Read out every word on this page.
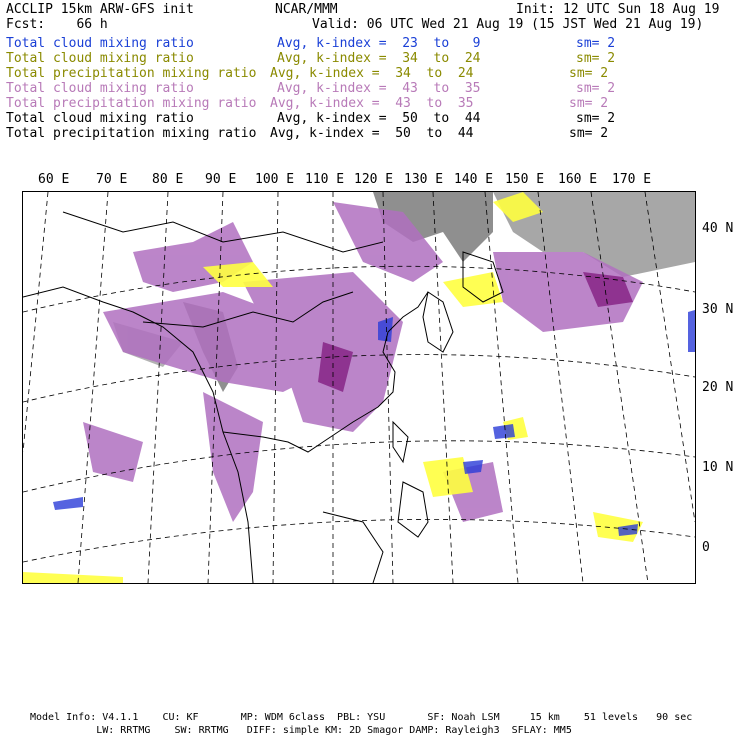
ACCLIP 15km ARW-GFS init	NCAR/MMM	Init: 12 UTC Sun 18 Aug 19
Fcst:    66 h	Valid: 06 UTC Wed 21 Aug 19 (15 JST Wed 21 Aug 19)
Total cloud mixing ratio	Avg, k-index =  23  to   9	sm= 2
Total cloud mixing ratio	Avg, k-index =  34  to  24	sm= 2
Total precipitation mixing ratio Avg, k-index =  34  to  24	sm= 2
Total cloud mixing ratio	Avg, k-index =  43  to  35	sm= 2
Total precipitation mixing ratio Avg, k-index =  43  to  35	sm= 2
Total cloud mixing ratio	Avg, k-index =  50  to  44	sm= 2
Total precipitation mixing ratio Avg, k-index =  50  to  44	sm= 2
60 E 70 E 80 E 90 E 100 E 110 E 120 E 130 E 140 E 150 E 160 E 170 E
40 N
30 N
20 N
10 N
0
Model Info: V4.1.1    CU: KF       MP: WDM 6class  PBL: YSU       SF: Noah LSM     15 km    51 levels   90 sec
LW: RRTMG    SW: RRTMG   DIFF: simple KM: 2D Smagor DAMP: Rayleigh3  SFLAY: MM5
